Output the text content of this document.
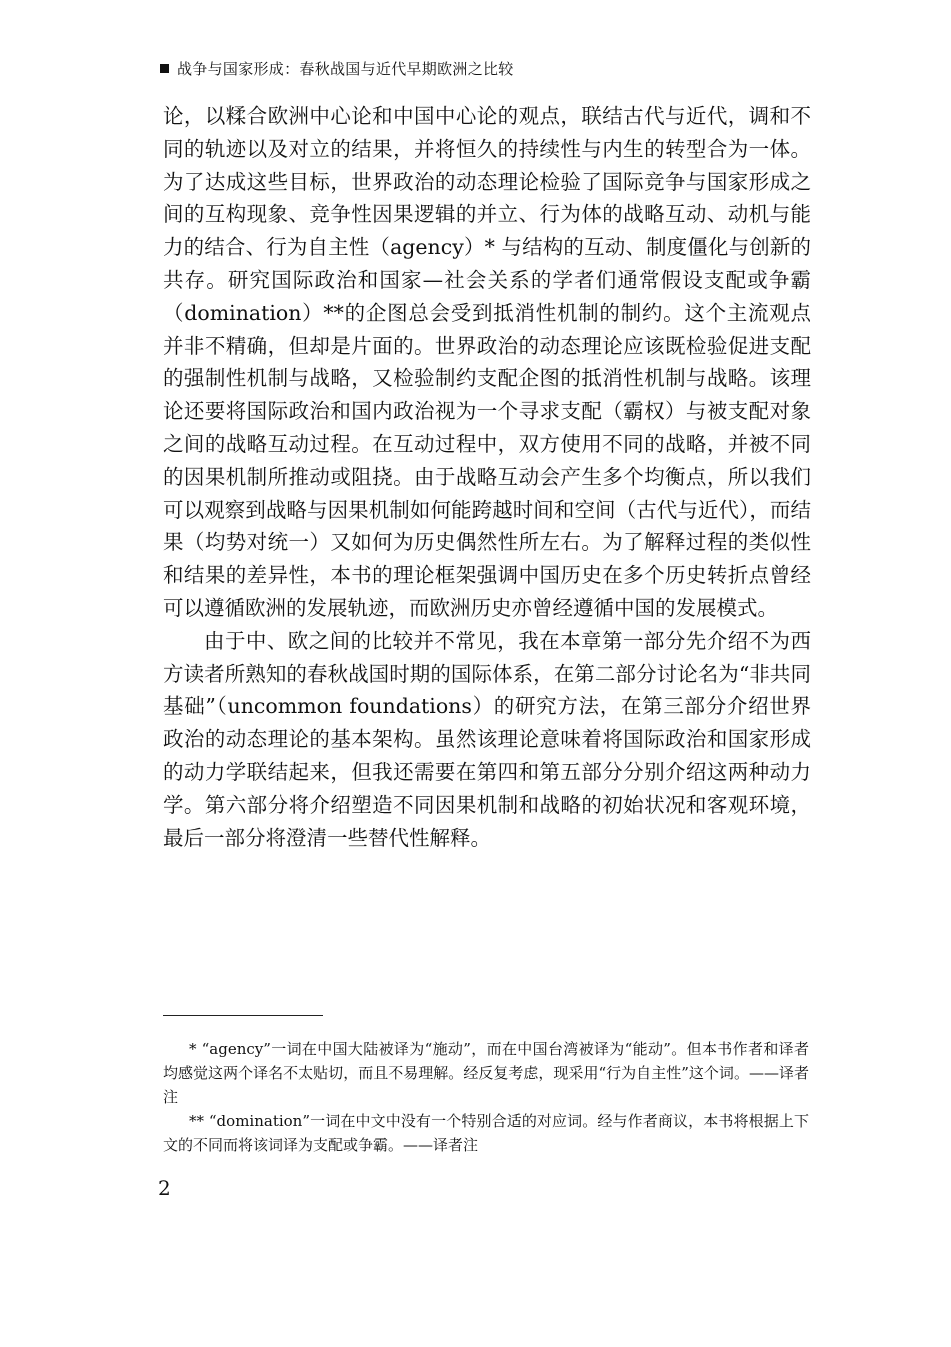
战争与国家形成：春秋战国与近代早期欧洲之比较

论，以糅合欧洲中心论和中国中心论的观点，联结古代与近代，调和不同的轨迹以及对立的结果，并将恒久的持续性与内生的转型合为一体。为了达成这些目标，世界政治的动态理论检验了国际竞争与国家形成之间的互构现象、竞争性因果逻辑的并立、行为体的战略互动、动机与能力的结合、行为自主性（agency）* 与结构的互动、制度僵化与创新的共存。研究国际政治和国家—社会关系的学者们通常假设支配或争霸（domination）**的企图总会受到抵消性机制的制约。这个主流观点并非不精确，但却是片面的。世界政治的动态理论应该既检验促进支配的强制性机制与战略，又检验制约支配企图的抵消性机制与战略。该理论还要将国际政治和国内政治视为一个寻求支配（霸权）与被支配对象之间的战略互动过程。在互动过程中，双方使用不同的战略，并被不同的因果机制所推动或阻挠。由于战略互动会产生多个均衡点，所以我们可以观察到战略与因果机制如何能跨越时间和空间（古代与近代），而结果（均势对统一）又如何为历史偶然性所左右。为了解释过程的类似性和结果的差异性，本书的理论框架强调中国历史在多个历史转折点曾经可以遵循欧洲的发展轨迹，而欧洲历史亦曾经遵循中国的发展模式。

由于中、欧之间的比较并不常见，我在本章第一部分先介绍不为西方读者所熟知的春秋战国时期的国际体系，在第二部分讨论名为“非共同基础”（uncommon foundations）的研究方法，在第三部分介绍世界政治的动态理论的基本架构。虽然该理论意味着将国际政治和国家形成的动力学联结起来，但我还需要在第四和第五部分分别介绍这两种动力学。第六部分将介绍塑造不同因果机制和战略的初始状况和客观环境，最后一部分将澄清一些替代性解释。

* “agency”一词在中国大陆被译为“施动”，而在中国台湾被译为“能动”。但本书作者和译者均感觉这两个译名不太贴切，而且不易理解。经反复考虑，现采用“行为自主性”这个词。——译者注

** “domination”一词在中文中没有一个特别合适的对应词。经与作者商议，本书将根据上下文的不同而将该词译为支配或争霸。——译者注

2
